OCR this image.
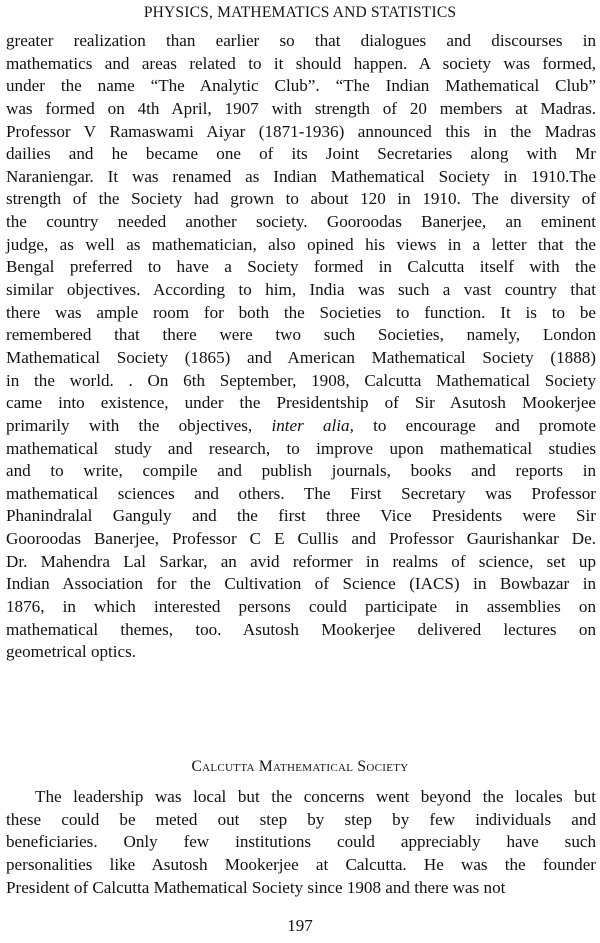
PHYSICS, MATHEMATICS AND STATISTICS
greater realization than earlier so that dialogues and discourses in
mathematics and areas related to it should happen. A society was formed,
under the name “The Analytic Club”. “The Indian Mathematical Club”
was formed on 4th April, 1907 with strength of 20 members at Madras.
Professor V Ramaswami Aiyar (1871-1936) announced this in the Madras
dailies and he became one of its Joint Secretaries along with Mr
Naraniengar. It was renamed as Indian Mathematical Society in 1910.The
strength of the Society had grown to about 120 in 1910. The diversity of
the country needed another society. Gooroodas Banerjee, an eminent
judge, as well as mathematician, also opined his views in a letter that the
Bengal preferred to have a Society formed in Calcutta itself with the
similar objectives. According to him, India was such a vast country that
there was ample room for both the Societies to function. It is to be
remembered that there were two such Societies, namely, London
Mathematical Society (1865) and American Mathematical Society (1888)
in the world. . On 6th September, 1908, Calcutta Mathematical Society
came into existence, under the Presidentship of Sir Asutosh Mookerjee
primarily with the objectives, inter alia, to encourage and promote
mathematical study and research, to improve upon mathematical studies
and to write, compile and publish journals, books and reports in
mathematical sciences and others. The First Secretary was Professor
Phanindralal Ganguly and the first three Vice Presidents were Sir
Gooroodas Banerjee, Professor C E Cullis and Professor Gaurishankar De.
Dr. Mahendra Lal Sarkar, an avid reformer in realms of science, set up
Indian Association for the Cultivation of Science (IACS) in Bowbazar in
1876, in which interested persons could participate in assemblies on
mathematical themes, too. Asutosh Mookerjee delivered lectures on
geometrical optics.
Calcutta Mathematical Society
The leadership was local but the concerns went beyond the locales but
these could be meted out step by step by few individuals and
beneficiaries. Only few institutions could appreciably have such
personalities like Asutosh Mookerjee at Calcutta. He was the founder
President of Calcutta Mathematical Society since 1908 and there was not
197
